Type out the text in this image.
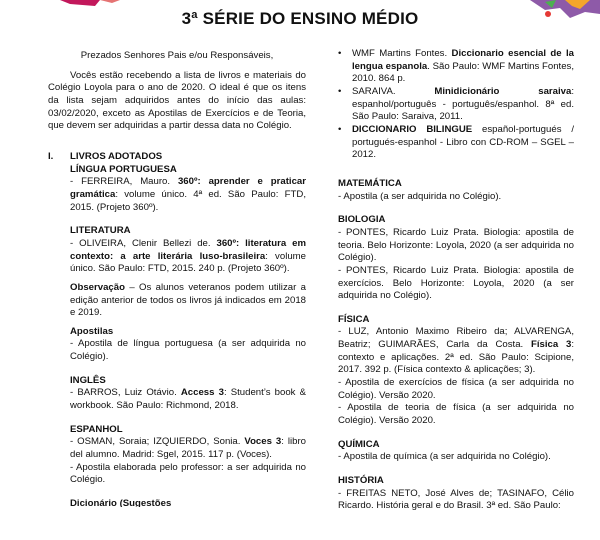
3ª SÉRIE DO ENSINO MÉDIO

Prezados Senhores Pais e/ou Responsáveis,

Vocês estão recebendo a lista de livros e materiais do Colégio Loyola para o ano de 2020. O ideal é que os itens da lista sejam adquiridos antes do início das aulas: 03/02/2020, exceto as Apostilas de Exercícios e de Teoria, que devem ser adquiridas a partir dessa data no Colégio.

I.	LIVROS ADOTADOS
LÍNGUA PORTUGUESA

- FERREIRA, Mauro. 360º: aprender e praticar gramática: volume único. 4ª ed. São Paulo: FTD, 2015. (Projeto 360º).

LITERATURA

- OLIVEIRA, Clenir Bellezi de. 360º: literatura em contexto: a arte literária luso-brasileira: volume único. São Paulo: FTD, 2015. 240 p. (Projeto 360º).

Observação – Os alunos veteranos podem utilizar a edição anterior de todos os livros já indicados em 2018 e 2019.

Apostilas

- Apostila de língua portuguesa (a ser adquirida no Colégio).

INGLÊS

- BARROS, Luiz Otávio. Access 3: Student’s book & workbook. São Paulo: Richmond, 2018.

ESPANHOL

- OSMAN, Soraia; IZQUIERDO, Sonia. Voces 3: libro del alumno. Madrid: Sgel, 2015. 117 p. (Voces).

- Apostila elaborada pelo professor: a ser adquirida no Colégio.

Dicionário (Sugestões
• WMF Martins Fontes. Diccionario esencial de la lengua espanola. São Paulo: WMF Martins Fontes, 2010. 864 p.
• SARAIVA. Minidicionário saraiva: espanhol/português - português/espanhol. 8ª ed. São Paulo: Saraiva, 2011.
• DICCIONARIO BILINGUE español-portugués / portugués-espanhol - Libro con CD-ROM – SGEL – 2012.
MATEMÁTICA

- Apostila (a ser adquirida no Colégio).

BIOLOGIA

- PONTES, Ricardo Luiz Prata. Biologia: apostila de teoria. Belo Horizonte: Loyola, 2020 (a ser adquirida no Colégio).

- PONTES, Ricardo Luiz Prata. Biologia: apostila de exercícios. Belo Horizonte: Loyola, 2020 (a ser adquirida no Colégio).

FÍSICA

- LUZ, Antonio Maximo Ribeiro da; ALVARENGA, Beatriz; GUIMARÃES, Carla da Costa. Física 3: contexto e aplicações. 2ª ed. São Paulo: Scipione, 2017. 392 p. (Física contexto & aplicações; 3).

- Apostila de exercícios de física (a ser adquirida no Colégio). Versão 2020.

- Apostila de teoria de física (a ser adquirida no Colégio). Versão 2020.

QUÍMICA

- Apostila de química (a ser adquirida no Colégio).

HISTÓRIA

- FREITAS NETO, José Alves de; TASINAFO, Célio Ricardo. História geral e do Brasil. 3ª ed. São Paulo:
